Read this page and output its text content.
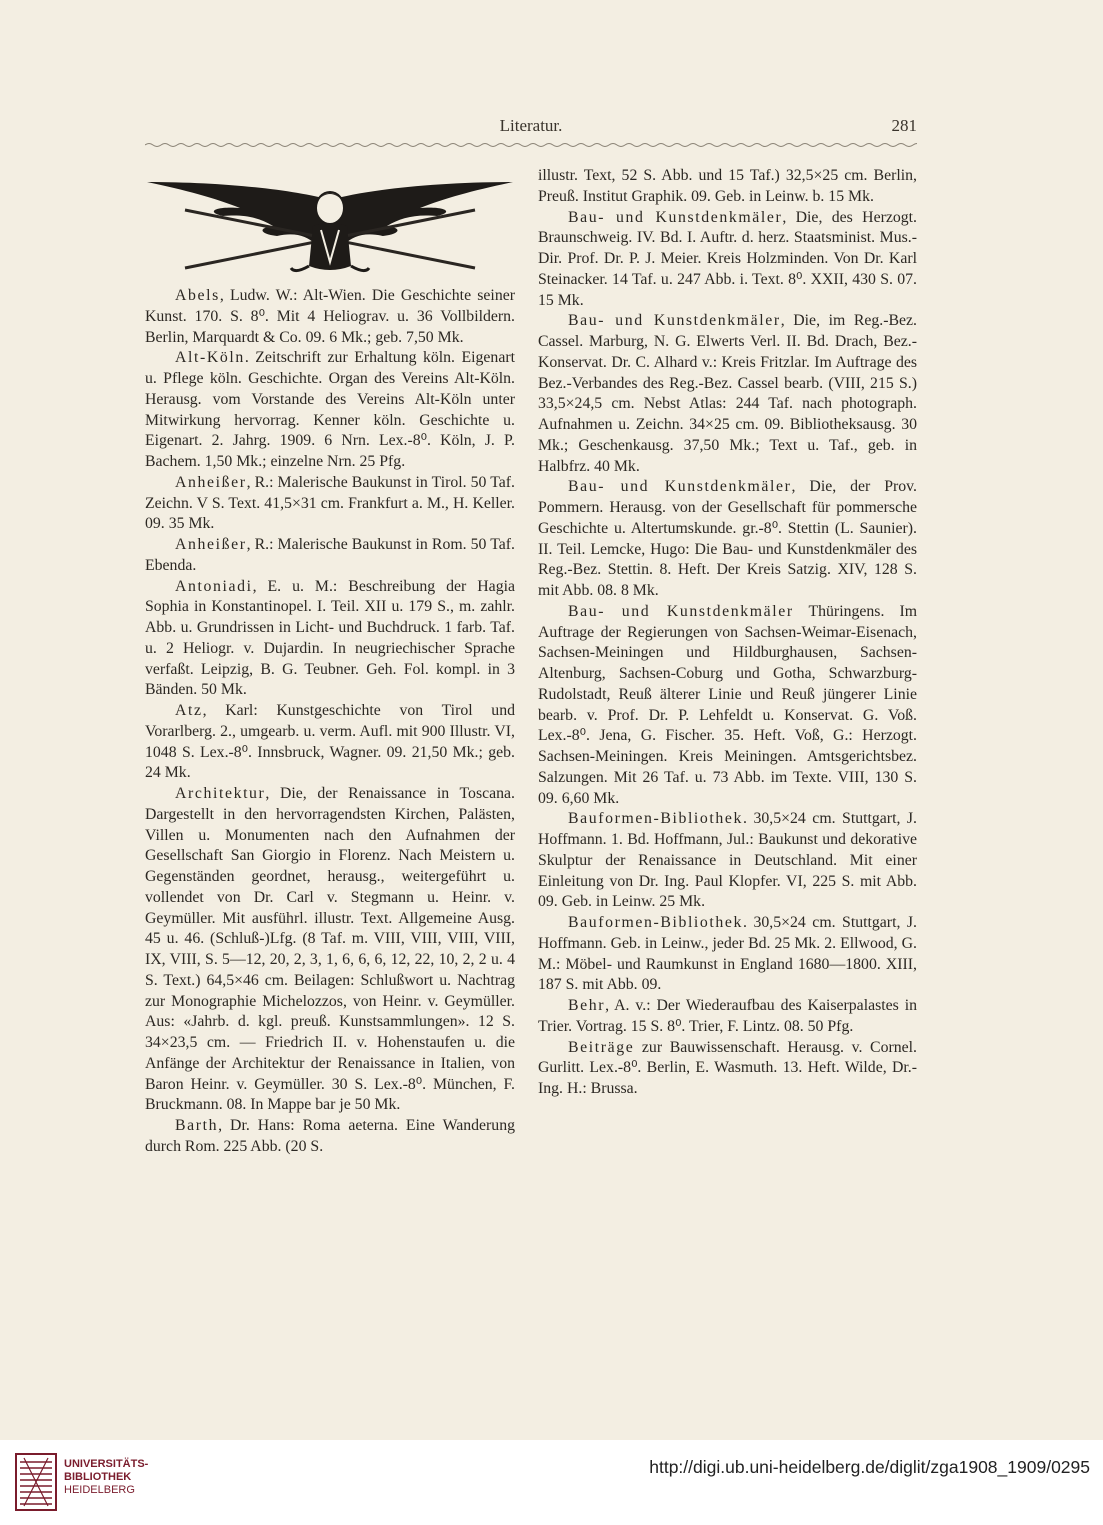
Literatur.	281

Abels, Ludw. W.: Alt-Wien. Die Geschichte seiner Kunst. 170. S. 8⁰. Mit 4 Heliograv. u. 36 Vollbildern. Berlin, Marquardt & Co. 09. 6 Mk.; geb. 7,50 Mk.

Alt-Köln. Zeitschrift zur Erhaltung köln. Eigenart u. Pflege köln. Geschichte. Organ des Vereins Alt-Köln. Herausg. vom Vorstande des Vereins Alt-Köln unter Mitwirkung hervorrag. Kenner köln. Geschichte u. Eigenart. 2. Jahrg. 1909. 6 Nrn. Lex.-8⁰. Köln, J. P. Bachem. 1,50 Mk.; einzelne Nrn. 25 Pfg.

Anheißer, R.: Malerische Baukunst in Tirol. 50 Taf. Zeichn. V S. Text. 41,5×31 cm. Frankfurt a. M., H. Keller. 09. 35 Mk.

Anheißer, R.: Malerische Baukunst in Rom. 50 Taf. Ebenda.

Antoniadi, E. u. M.: Beschreibung der Hagia Sophia in Konstantinopel. I. Teil. XII u. 179 S., m. zahlr. Abb. u. Grundrissen in Licht- und Buchdruck. 1 farb. Taf. u. 2 Heliogr. v. Dujardin. In neugriechischer Sprache verfaßt. Leipzig, B. G. Teubner. Geh. Fol. kompl. in 3 Bänden. 50 Mk.

Atz, Karl: Kunstgeschichte von Tirol und Vorarlberg. 2., umgearb. u. verm. Aufl. mit 900 Illustr. VI, 1048 S. Lex.-8⁰. Innsbruck, Wagner. 09. 21,50 Mk.; geb. 24 Mk.

Architektur, Die, der Renaissance in Toscana. Dargestellt in den hervorragendsten Kirchen, Palästen, Villen u. Monumenten nach den Aufnahmen der Gesellschaft San Giorgio in Florenz. Nach Meistern u. Gegenständen geordnet, herausg., weitergeführt u. vollendet von Dr. Carl v. Stegmann u. Heinr. v. Geymüller. Mit ausführl. illustr. Text. Allgemeine Ausg. 45 u. 46. (Schluß-)Lfg. (8 Taf. m. VIII, VIII, VIII, VIII, IX, VIII, S. 5—12, 20, 2, 3, 1, 6, 6, 6, 12, 22, 10, 2, 2 u. 4 S. Text.) 64,5×46 cm. Beilagen: Schlußwort u. Nachtrag zur Monographie Michelozzos, von Heinr. v. Geymüller. Aus: «Jahrb. d. kgl. preuß. Kunstsammlungen». 12 S. 34×23,5 cm. — Friedrich II. v. Hohenstaufen u. die Anfänge der Architektur der Renaissance in Italien, von Baron Heinr. v. Geymüller. 30 S. Lex.-8⁰. München, F. Bruckmann. 08. In Mappe bar je 50 Mk.

Barth, Dr. Hans: Roma aeterna. Eine Wanderung durch Rom. 225 Abb. (20 S.

illustr. Text, 52 S. Abb. und 15 Taf.) 32,5×25 cm. Berlin, Preuß. Institut Graphik. 09. Geb. in Leinw. b. 15 Mk.

Bau- und Kunstdenkmäler, Die, des Herzogt. Braunschweig. IV. Bd. I. Auftr. d. herz. Staatsminist. Mus.-Dir. Prof. Dr. P. J. Meier. Kreis Holzminden. Von Dr. Karl Steinacker. 14 Taf. u. 247 Abb. i. Text. 8⁰. XXII, 430 S. 07. 15 Mk.

Bau- und Kunstdenkmäler, Die, im Reg.-Bez. Cassel. Marburg, N. G. Elwerts Verl. II. Bd. Drach, Bez.-Konservat. Dr. C. Alhard v.: Kreis Fritzlar. Im Auftrage des Bez.-Verbandes des Reg.-Bez. Cassel bearb. (VIII, 215 S.) 33,5×24,5 cm. Nebst Atlas: 244 Taf. nach photograph. Aufnahmen u. Zeichn. 34×25 cm. 09. Bibliotheksausg. 30 Mk.; Geschenkausg. 37,50 Mk.; Text u. Taf., geb. in Halbfrz. 40 Mk.

Bau- und Kunstdenkmäler, Die, der Prov. Pommern. Herausg. von der Gesellschaft für pommersche Geschichte u. Altertumskunde. gr.-8⁰. Stettin (L. Saunier). II. Teil. Lemcke, Hugo: Die Bau- und Kunstdenkmäler des Reg.-Bez. Stettin. 8. Heft. Der Kreis Satzig. XIV, 128 S. mit Abb. 08. 8 Mk.

Bau- und Kunstdenkmäler Thüringens. Im Auftrage der Regierungen von Sachsen-Weimar-Eisenach, Sachsen-Meiningen und Hildburghausen, Sachsen-Altenburg, Sachsen-Coburg und Gotha, Schwarzburg-Rudolstadt, Reuß älterer Linie und Reuß jüngerer Linie bearb. v. Prof. Dr. P. Lehfeldt u. Konservat. G. Voß. Lex.-8⁰. Jena, G. Fischer. 35. Heft. Voß, G.: Herzogt. Sachsen-Meiningen. Kreis Meiningen. Amtsgerichtsbez. Salzungen. Mit 26 Taf. u. 73 Abb. im Texte. VIII, 130 S. 09. 6,60 Mk.

Bauformen-Bibliothek. 30,5×24 cm. Stuttgart, J. Hoffmann. 1. Bd. Hoffmann, Jul.: Baukunst und dekorative Skulptur der Renaissance in Deutschland. Mit einer Einleitung von Dr. Ing. Paul Klopfer. VI, 225 S. mit Abb. 09. Geb. in Leinw. 25 Mk.

Bauformen-Bibliothek. 30,5×24 cm. Stuttgart, J. Hoffmann. Geb. in Leinw., jeder Bd. 25 Mk. 2. Ellwood, G. M.: Möbel- und Raumkunst in England 1680—1800. XIII, 187 S. mit Abb. 09.

Behr, A. v.: Der Wiederaufbau des Kaiserpalastes in Trier. Vortrag. 15 S. 8⁰. Trier, F. Lintz. 08. 50 Pfg.

Beiträge zur Bauwissenschaft. Herausg. v. Cornel. Gurlitt. Lex.-8⁰. Berlin, E. Wasmuth. 13. Heft. Wilde, Dr.-Ing. H.: Brussa.

UNIVERSITÄTS-
BIBLIOTHEK
HEIDELBERG
http://digi.ub.uni-heidelberg.de/diglit/zga1908_1909/0295
